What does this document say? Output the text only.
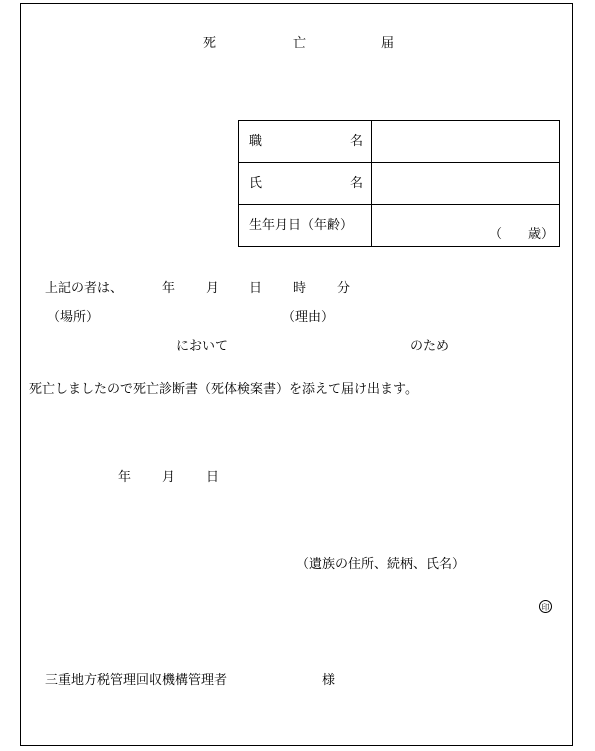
死	亡	届
職 名	

氏 名	

生年月日（年齢）	（ 歳）
上記の者は、	年 月 日 時 分
（場所）	（理由）
において	のため
死亡しましたので死亡診断書（死体検案書）を添えて届け出ます。
年 月 日
（遺族の住所、続柄、氏名）
印
三重地方税管理回収機構管理者	様
